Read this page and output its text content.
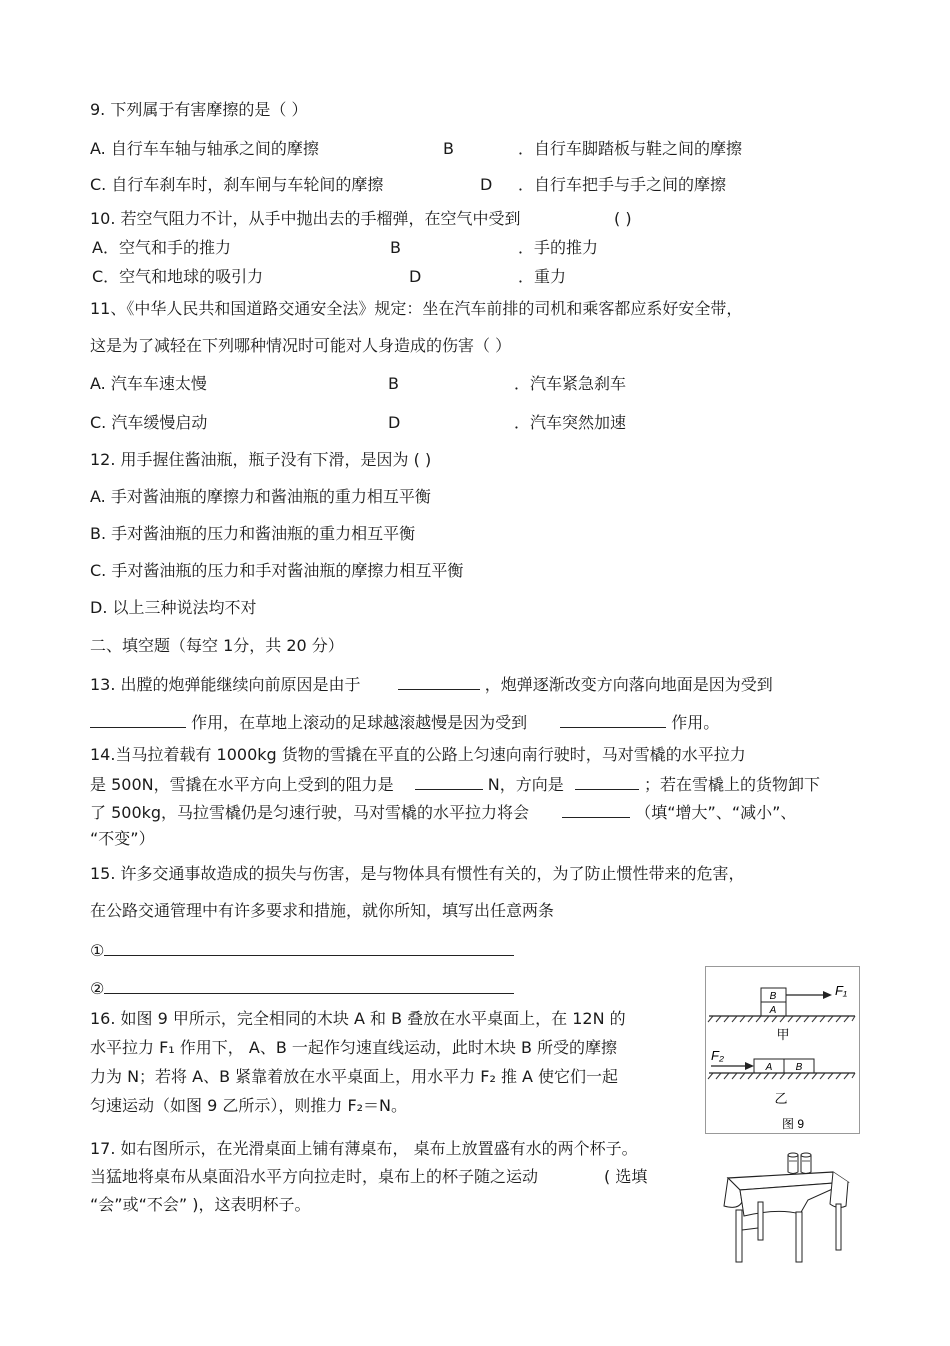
9. 下列属于有害摩擦的是（ ）
A. 自行车车轴与轴承之间的摩擦	B	．自行车脚踏板与鞋之间的摩擦
C. 自行车刹车时，刹车闸与车轮间的摩擦	D ．自行车把手与手之间的摩擦
10. 若空气阻力不计，从手中抛出去的手榴弹，在空气中受到	( )
A．空气和手的推力	B	．手的推力
C．空气和地球的吸引力	D	．重力
11、《中华人民共和国道路交通安全法》规定：坐在汽车前排的司机和乘客都应系好安全带，
这是为了减轻在下列哪种情况时可能对人身造成的伤害（ ）
A. 汽车车速太慢	B	．汽车紧急刹车
C. 汽车缓慢启动	D	．汽车突然加速
12. 用手握住酱油瓶，瓶子没有下滑，是因为 ( )
A. 手对酱油瓶的摩擦力和酱油瓶的重力相互平衡
B. 手对酱油瓶的压力和酱油瓶的重力相互平衡
C. 手对酱油瓶的压力和手对酱油瓶的摩擦力相互平衡
D. 以上三种说法均不对
二、填空题（每空 1分，共 20 分）
13. 出膛的炮弹能继续向前原因是由于	，炮弹逐渐改变方向落向地面是因为受到
作用，在草地上滚动的足球越滚越慢是因为受到	作用。
14.当马拉着载有 1000kg 货物的雪撬在平直的公路上匀速向南行驶时，马对雪橇的水平拉力
是 500N，雪撬在水平方向上受到的阻力是	N，方向是	；若在雪橇上的货物卸下
了 500kg，马拉雪橇仍是匀速行驶，马对雪橇的水平拉力将会	（填“增大”、“减小”、
“不变”）
15. 许多交通事故造成的损失与伤害，是与物体具有惯性有关的，为了防止惯性带来的危害，
在公路交通管理中有许多要求和措施，就你所知，填写出任意两条
①
②
16. 如图 9 甲所示，完全相同的木块 A 和 B 叠放在水平桌面上，在 12N 的
水平拉力 F₁ 作用下， A、B 一起作匀速直线运动，此时木块 B 所受的摩擦
力为 N；若将 A、B 紧靠着放在水平桌面上，用水平力 F₂ 推 A 使它们一起
匀速运动（如图 9 乙所示），则推力 F₂＝N。
B
A
F₁
甲
F₂
A B
乙
图 9
17. 如右图所示，在光滑桌面上铺有薄桌布， 桌布上放置盛有水的两个杯子。
当猛地将桌布从桌面沿水平方向拉走时，桌布上的杯子随之运动	( 选填
“会”或“不会” )，这表明杯子。
